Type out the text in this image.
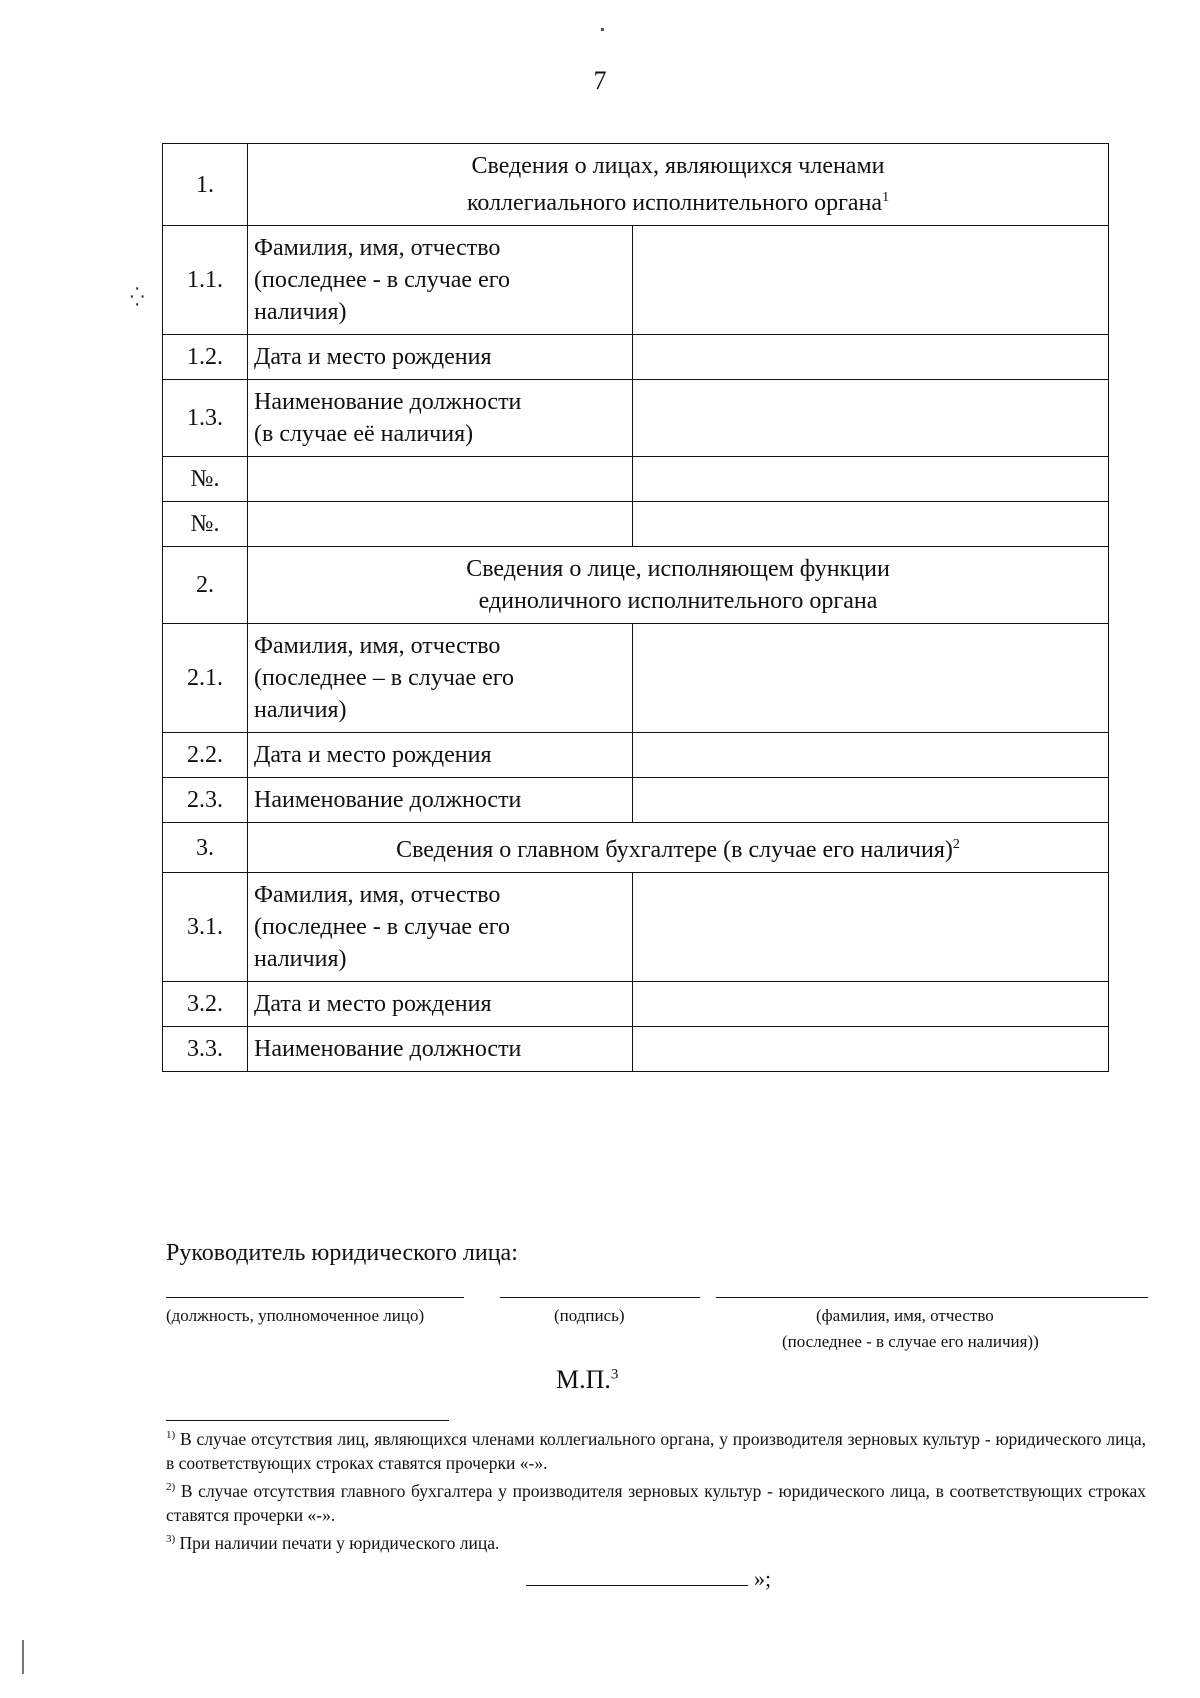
7
⁛
1.	Сведения о лицах, являющихся членами
коллегиального исполнительного органа$^1$
1.1.	Фамилия, имя, отчество
(последнее - в случае его
наличия)	
1.2.	Дата и место рождения	
1.3.	Наименование должности
(в случае её наличия)	
№.		
№.		
2.	Сведения о лице, исполняющем функции
единоличного исполнительного органа	
2.1.	Фамилия, имя, отчество
(последнее – в случае его
наличия)	
2.2.	Дата и место рождения	
2.3.	Наименование должности	
3.	Сведения о главном бухгалтере (в случае его наличия)$^2$
3.1.	Фамилия, имя, отчество
(последнее - в случае его
наличия)	
3.2.	Дата и место рождения	
3.3.	Наименование должности	
Руководитель юридического лица:
(должность, уполномоченное лицо)	(подпись)	(фамилия, имя, отчество
(последнее - в случае его наличия))
М.П.$^3$

$^{1)}$ В случае отсутствия лиц, являющихся членами коллегиального органа, у производителя зерновых культур - юридического лица, в соответствующих строках ставятся прочерки «-».

$^{2)}$ В случае отсутствия главного бухгалтера у производителя зерновых культур - юридического лица, в соответствующих строках ставятся прочерки «-».

$^{3)}$ При наличии печати у юридического лица.

»;
